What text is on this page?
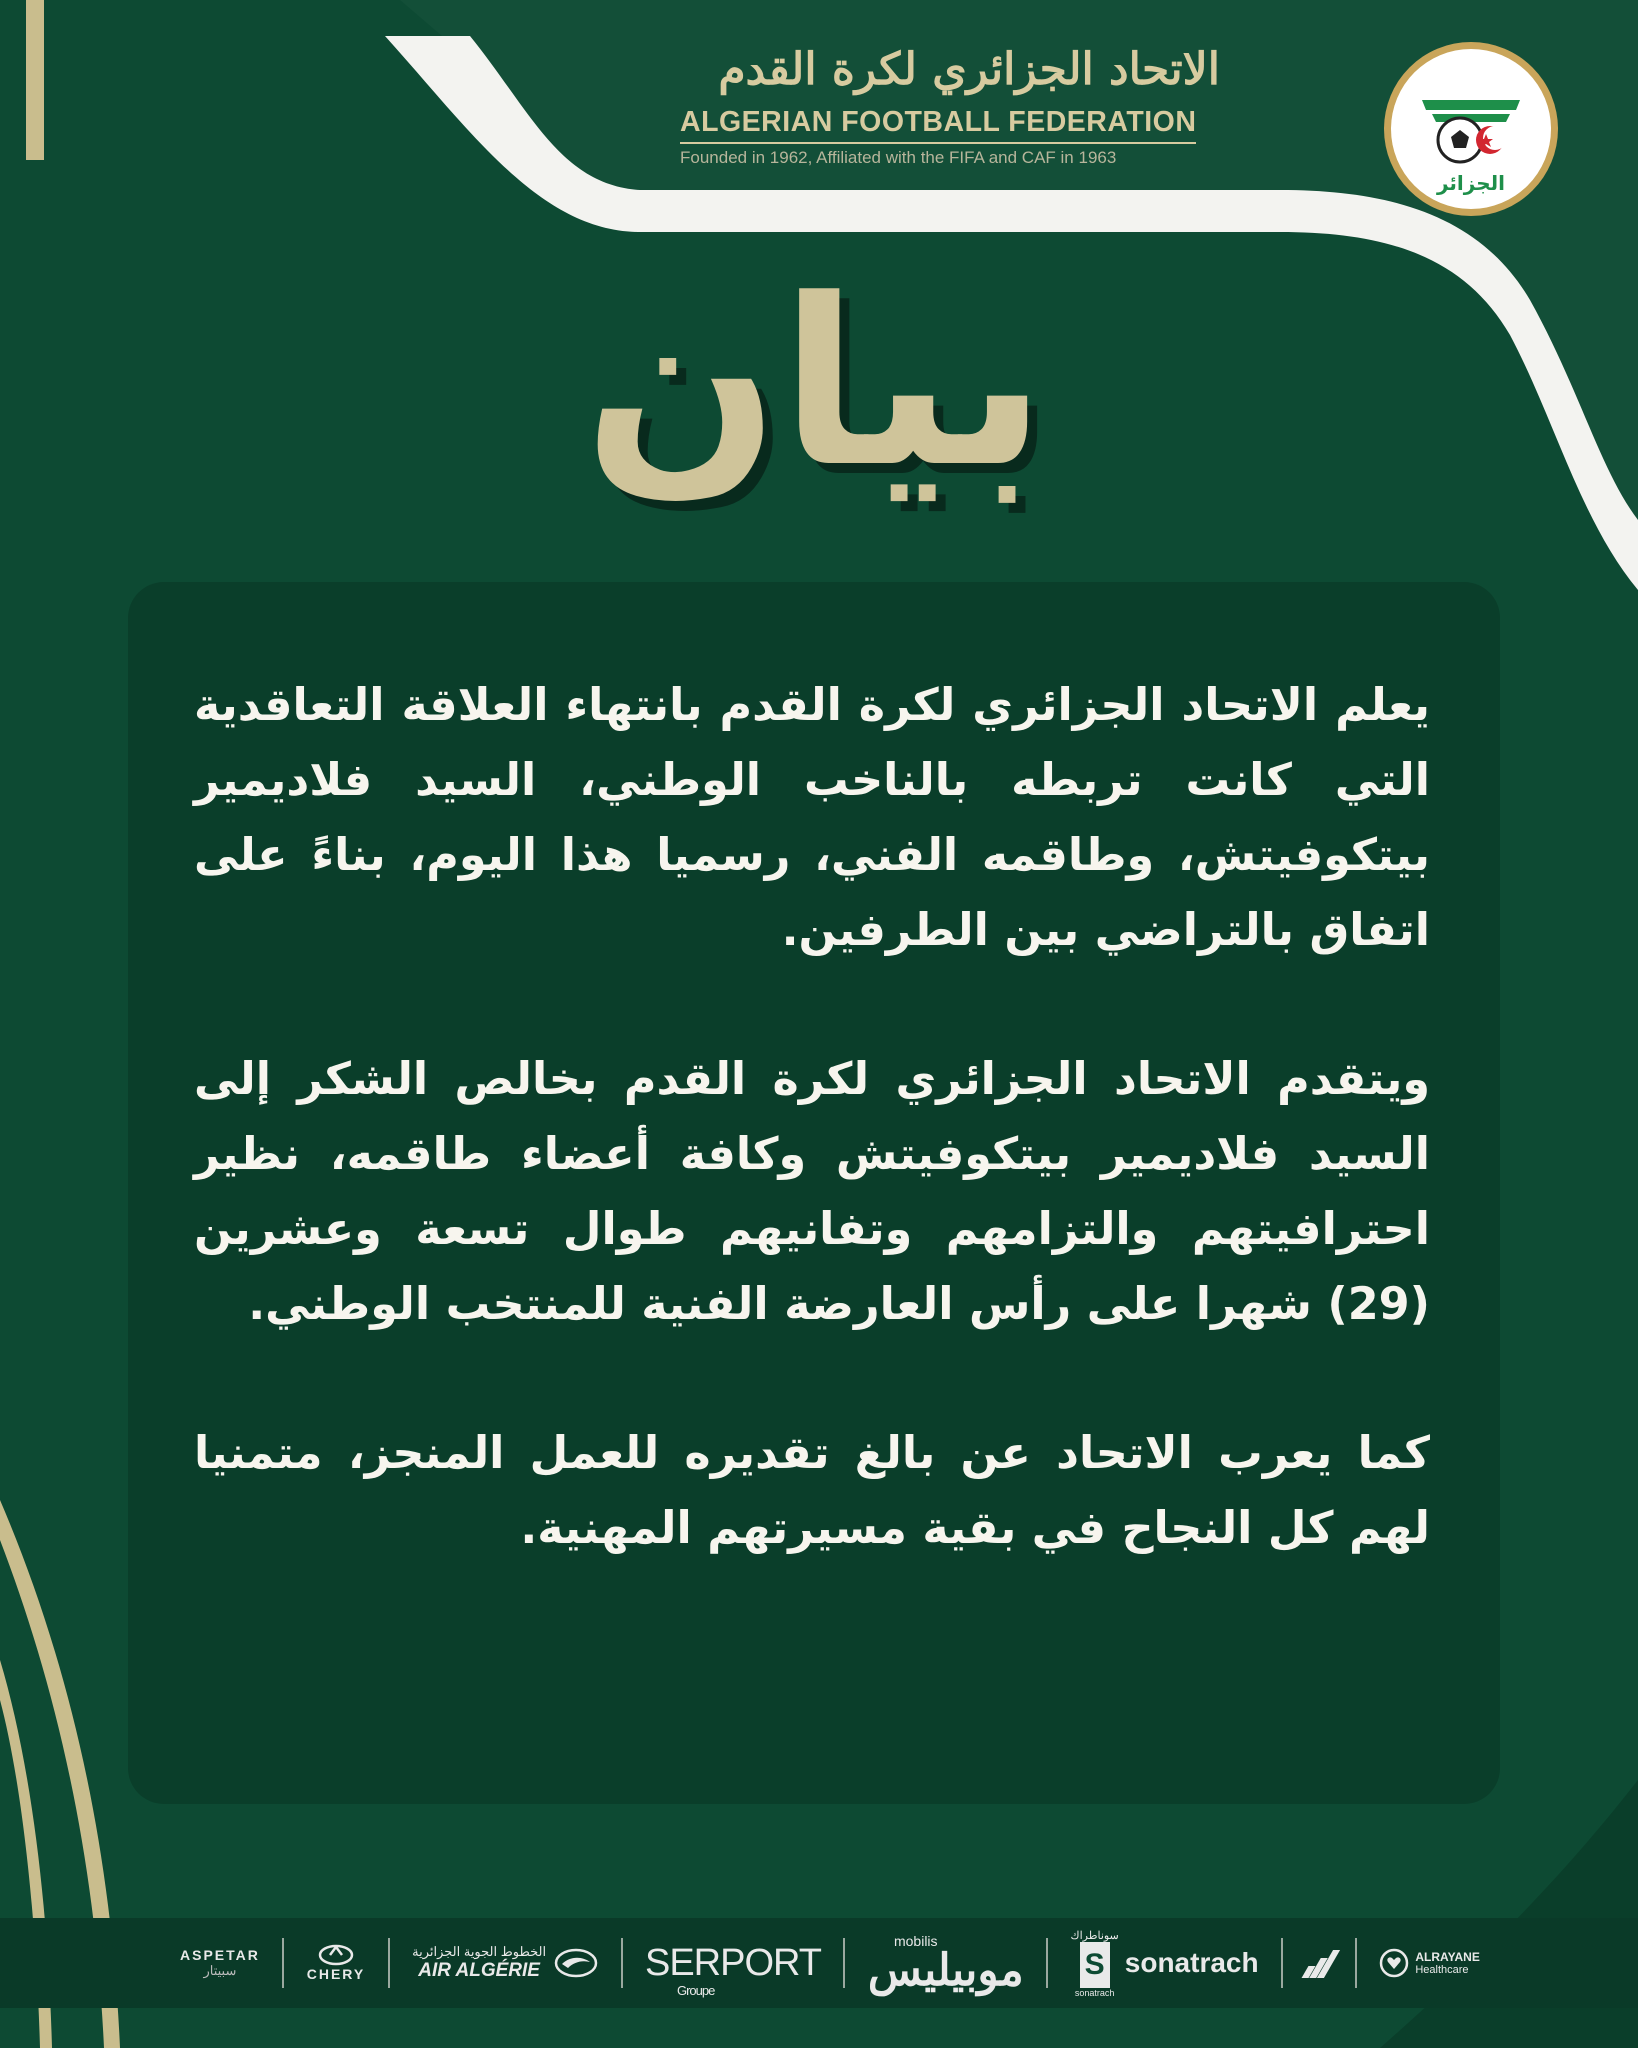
الاتحاد الجزائري لكرة القدم
ALGERIAN FOOTBALL FEDERATION
Founded in 1962, Affiliated with the FIFA and CAF in 1963
الجزائر
بيان

يعلم الاتحاد الجزائري لكرة القدم بانتهاء العلاقة التعاقدية التي كانت تربطه بالناخب الوطني، السيد فلاديمير بيتكوفيتش، وطاقمه الفني، رسميا هذا اليوم، بناءً على اتفاق بالتراضي بين الطرفين.

ويتقدم الاتحاد الجزائري لكرة القدم بخالص الشكر إلى السيد فلاديمير بيتكوفيتش وكافة أعضاء طاقمه، نظير احترافيتهم والتزامهم وتفانيهم طوال تسعة وعشرين (29) شهرا على رأس العارضة الفنية للمنتخب الوطني.

كما يعرب الاتحاد عن بالغ تقديره للعمل المنجز، متمنيا لهم كل النجاح في بقية مسيرتهم المهنية.

ASPETAR
سبيتار	CHERY
الخطوط الجوية الجزائرية
AIR ALGÉRIE	SERPORT
Groupe
mobilis
موبيليس
سوناطراك
S
sonatrach
sonatrach	ALRAYANE
Healthcare
